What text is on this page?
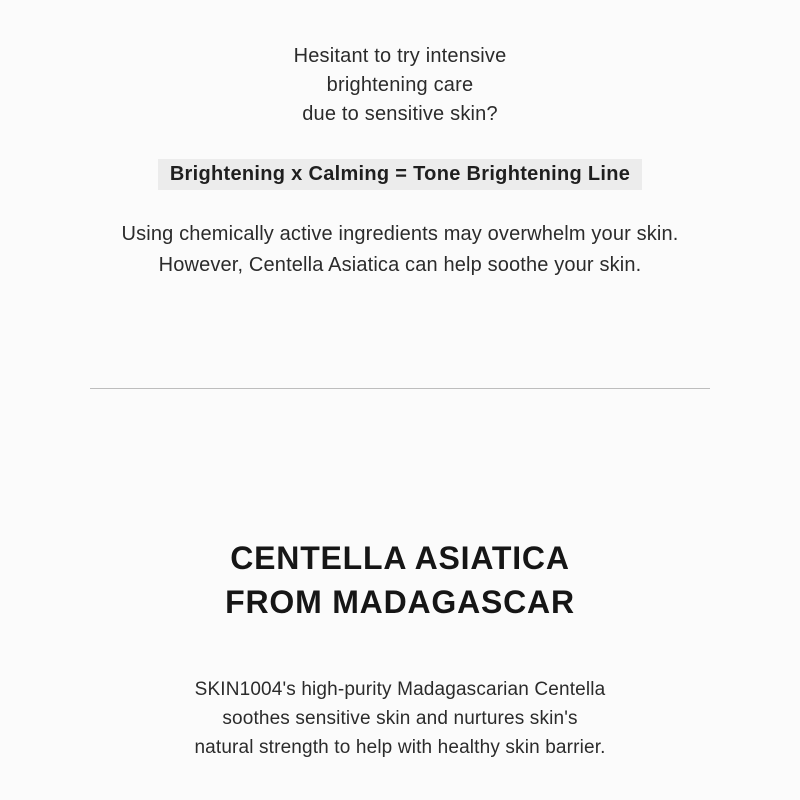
Hesitant to try intensive
brightening care
due to sensitive skin?
Brightening x Calming = Tone Brightening Line
Using chemically active ingredients may overwhelm your skin.
However, Centella Asiatica can help soothe your skin.
CENTELLA ASIATICA
FROM MADAGASCAR
SKIN1004's high-purity Madagascarian Centella
soothes sensitive skin and nurtures skin's
natural strength to help with healthy skin barrier.
